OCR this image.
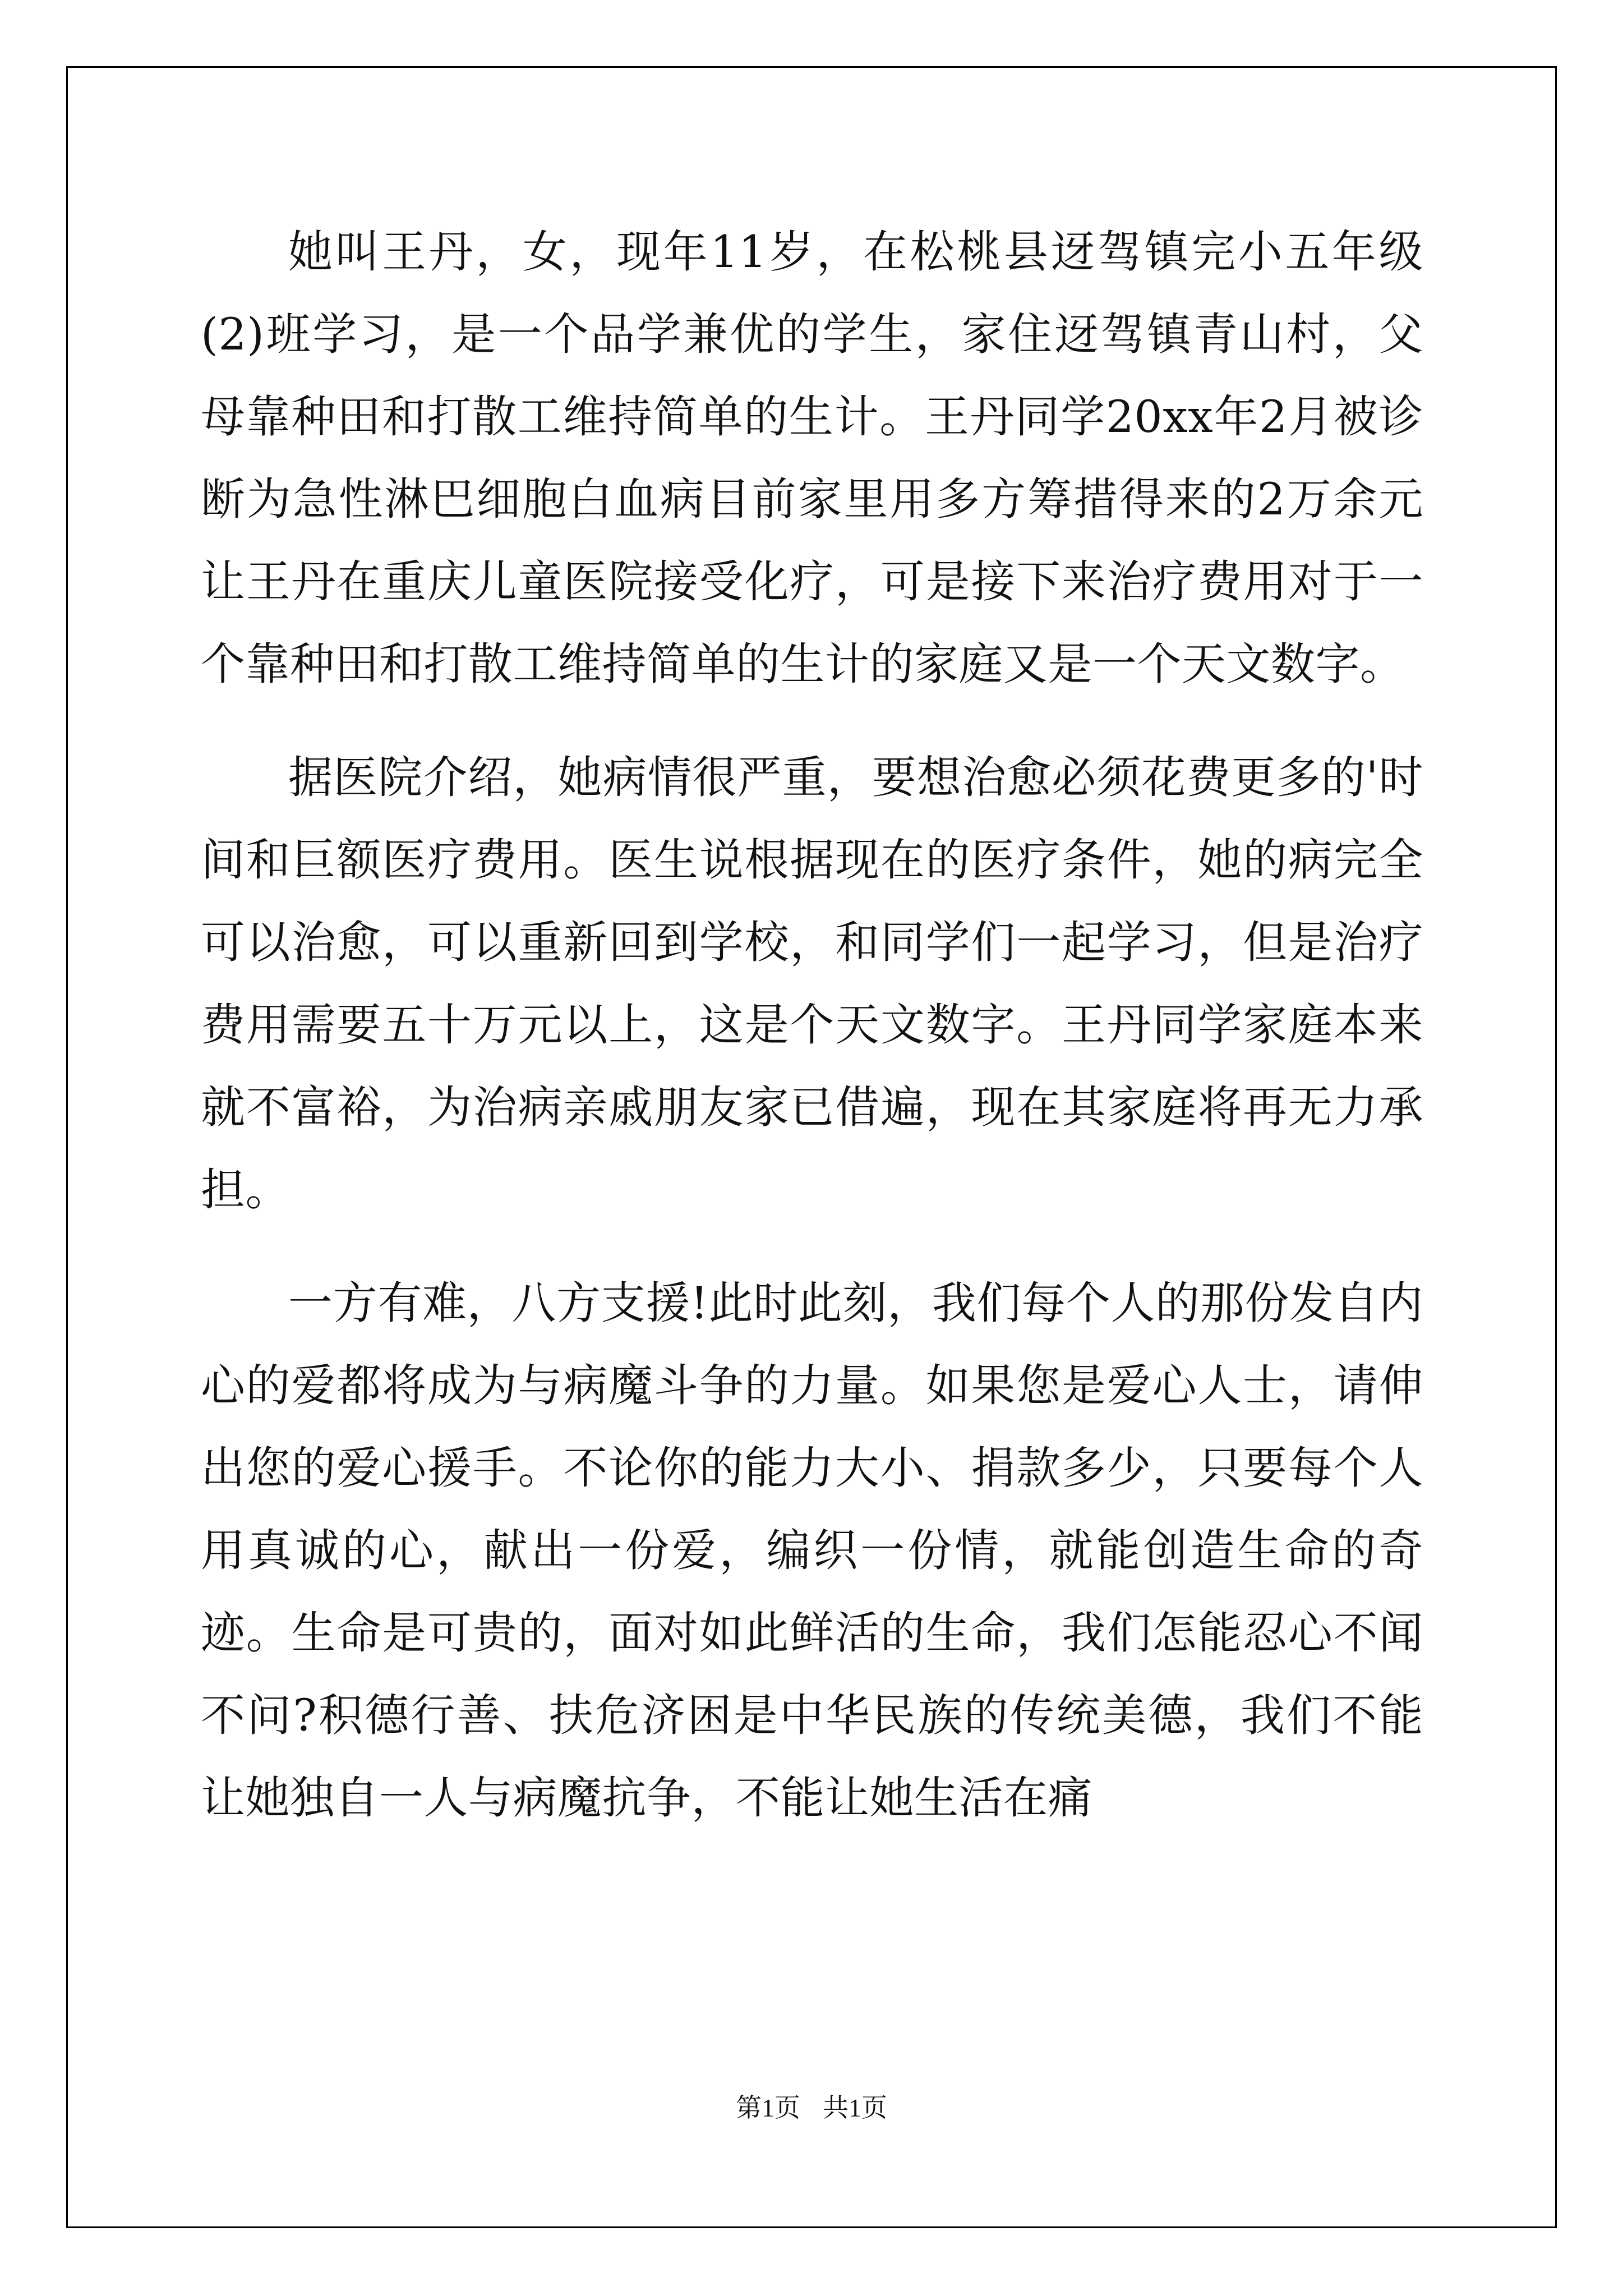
她叫王丹，女，现年11岁，在松桃县迓驾镇完小五年级(2)班学习，是一个品学兼优的学生，家住迓驾镇青山村，父母靠种田和打散工维持简单的生计。王丹同学20xx年2月被诊断为急性淋巴细胞白血病目前家里用多方筹措得来的2万余元让王丹在重庆儿童医院接受化疗，可是接下来治疗费用对于一个靠种田和打散工维持简单的生计的家庭又是一个天文数字。

据医院介绍，她病情很严重，要想治愈必须花费更多的'时间和巨额医疗费用。医生说根据现在的医疗条件，她的病完全可以治愈，可以重新回到学校，和同学们一起学习，但是治疗费用需要五十万元以上，这是个天文数字。王丹同学家庭本来就不富裕，为治病亲戚朋友家已借遍，现在其家庭将再无力承担。

一方有难，八方支援!此时此刻，我们每个人的那份发自内心的爱都将成为与病魔斗争的力量。如果您是爱心人士，请伸出您的爱心援手。不论你的能力大小、捐款多少，只要每个人用真诚的心，献出一份爱，编织一份情，就能创造生命的奇迹。生命是可贵的，面对如此鲜活的生命，我们怎能忍心不闻不问?积德行善、扶危济困是中华民族的传统美德，我们不能让她独自一人与病魔抗争，不能让她生活在痛

第1页 共1页
